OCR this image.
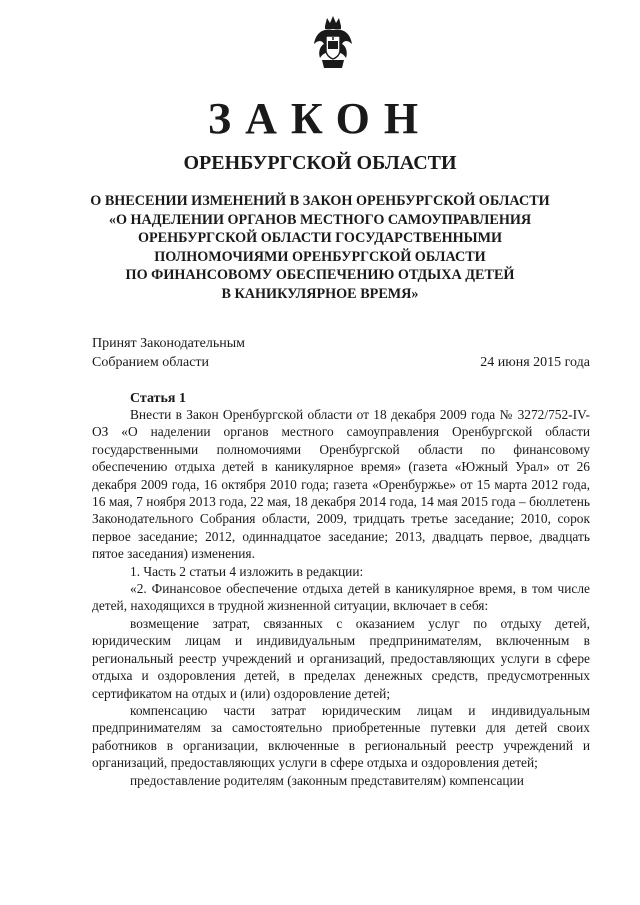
ЗАКОН
ОРЕНБУРГСКОЙ ОБЛАСТИ
О ВНЕСЕНИИ ИЗМЕНЕНИЙ В ЗАКОН ОРЕНБУРГСКОЙ ОБЛАСТИ
«О НАДЕЛЕНИИ ОРГАНОВ МЕСТНОГО САМОУПРАВЛЕНИЯ
ОРЕНБУРГСКОЙ ОБЛАСТИ ГОСУДАРСТВЕННЫМИ
ПОЛНОМОЧИЯМИ ОРЕНБУРГСКОЙ ОБЛАСТИ
ПО ФИНАНСОВОМУ ОБЕСПЕЧЕНИЮ ОТДЫХА ДЕТЕЙ
В КАНИКУЛЯРНОЕ ВРЕМЯ»
Принят Законодательным
Собранием области	24 июня 2015 года
Статья 1

Внести в Закон Оренбургской области от 18 декабря 2009 года № 3272/752-IV-ОЗ «О наделении органов местного самоуправления Оренбургской области государственными полномочиями Оренбургской области по финансовому обеспечению отдыха детей в каникулярное время» (газета «Южный Урал» от 26 декабря 2009 года, 16 октября 2010 года; газета «Оренбуржье» от 15 марта 2012 года, 16 мая, 7 ноября 2013 года, 22 мая, 18 декабря 2014 года, 14 мая 2015 года – бюллетень Законодательного Собрания области, 2009, тридцать третье заседание; 2010, сорок первое заседание; 2012, одиннадцатое заседание; 2013, двадцать первое, двадцать пятое заседания) изменения.

1. Часть 2 статьи 4 изложить в редакции:

«2. Финансовое обеспечение отдыха детей в каникулярное время, в том числе детей, находящихся в трудной жизненной ситуации, включает в себя:

возмещение затрат, связанных с оказанием услуг по отдыху детей, юридическим лицам и индивидуальным предпринимателям, включенным в региональный реестр учреждений и организаций, предоставляющих услуги в сфере отдыха и оздоровления детей, в пределах денежных средств, предусмотренных сертификатом на отдых и (или) оздоровление детей;

компенсацию части затрат юридическим лицам и индивидуальным предпринимателям за самостоятельно приобретенные путевки для детей своих работников в организации, включенные в региональный реестр учреждений и организаций, предоставляющих услуги в сфере отдыха и оздоровления детей;

предоставление родителям (законным представителям) компенсации
